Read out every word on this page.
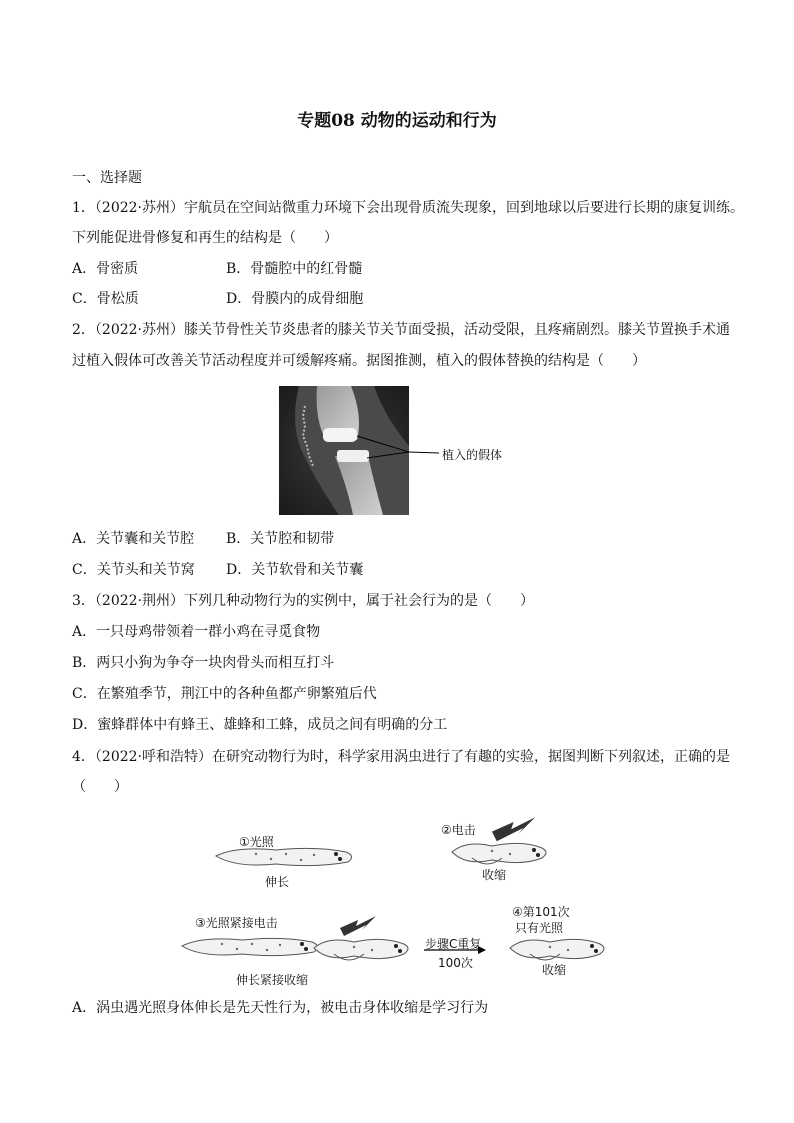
专题08 动物的运动和行为
一、选择题
1．（2022·苏州）宇航员在空间站微重力环境下会出现骨质流失现象，回到地球以后要进行长期的康复训练。
下列能促进骨修复和再生的结构是（　　）
A．骨密质	B．骨髓腔中的红骨髓
C．骨松质	D．骨膜内的成骨细胞
2．（2022·苏州）膝关节骨性关节炎患者的膝关节关节面受损，活动受限，且疼痛剧烈。膝关节置换手术通
过植入假体可改善关节活动程度并可缓解疼痛。据图推测，植入的假体替换的结构是（　　）
植入的假体
A．关节囊和关节腔 B．关节腔和韧带
C．关节头和关节窝 D．关节软骨和关节囊
3．（2022·荆州）下列几种动物行为的实例中，属于社会行为的是（　　）
A．一只母鸡带领着一群小鸡在寻觅食物
B．两只小狗为争夺一块肉骨头而相互打斗
C．在繁殖季节，荆江中的各种鱼都产卵繁殖后代
D．蜜蜂群体中有蜂王、雄蜂和工蜂，成员之间有明确的分工
4．（2022·呼和浩特）在研究动物行为时，科学家用涡虫进行了有趣的实验，据图判断下列叙述，正确的是
（　　）
①光照
伸长
②电击
收缩
③光照紧接电击
伸长紧接收缩
步骤C重复
100次
④第101次
只有光照
收缩
A．涡虫遇光照身体伸长是先天性行为，被电击身体收缩是学习行为
